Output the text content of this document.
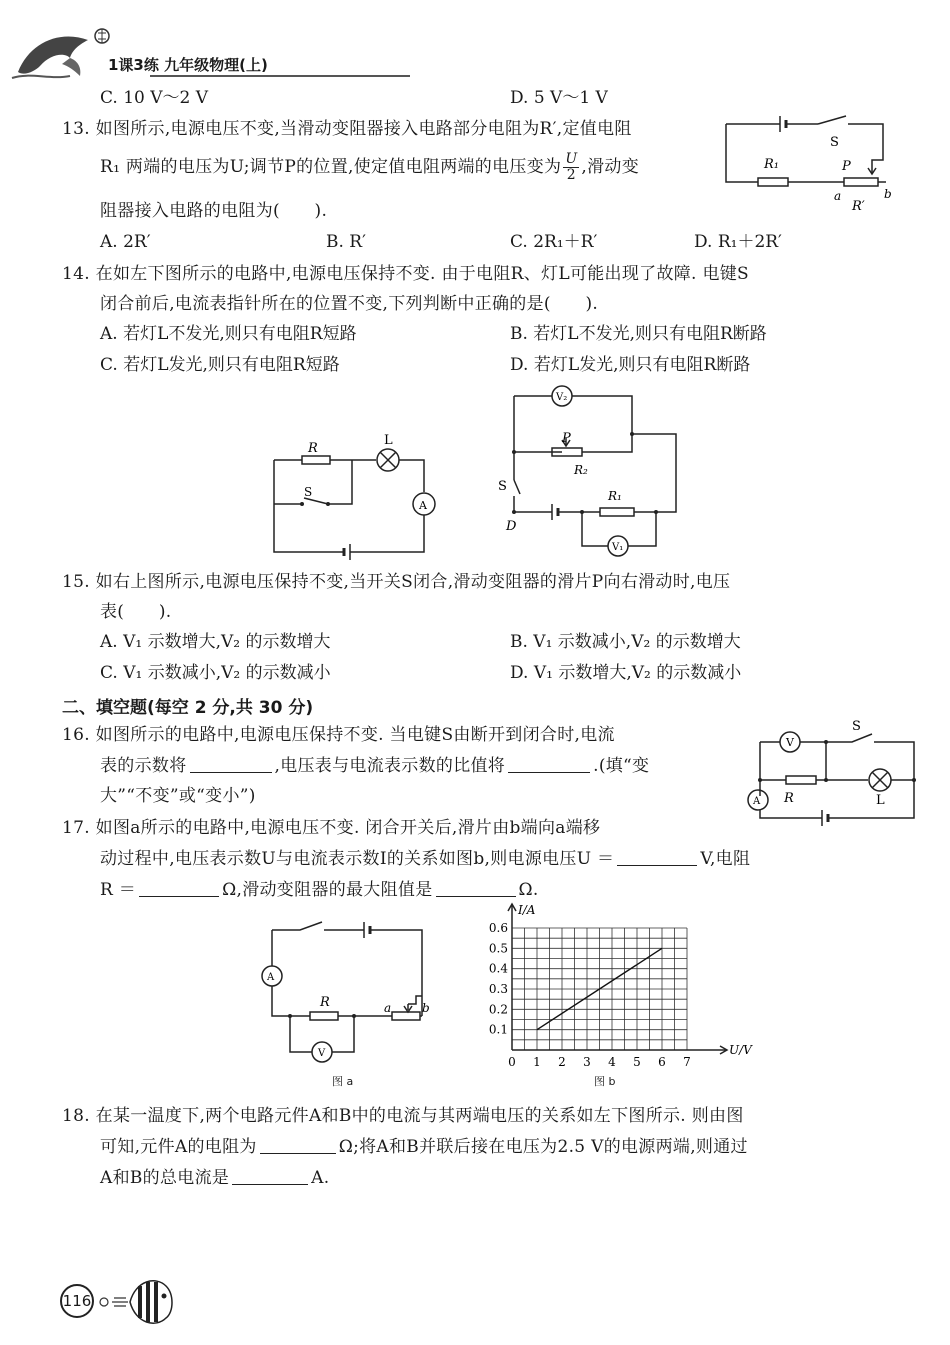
1课3练 九年级物理(上)
C. 10 V～2 V	D. 5 V～1 V
13. 如图所示,电源电压不变,当滑动变阻器接入电路部分电阻为R′,定值电阻
R₁ 两端的电压为U;调节P的位置,使定值电阻两端的电压变为 $\frac{U}{2}$ ,滑动变
阻器接入电路的电阻为(　　).
A. 2R′	B. R′	C. 2R₁＋R′	D. R₁＋2R′
S
R₁	P
a	b
R′
14. 在如左下图所示的电路中,电源电压保持不变. 由于电阻R、灯L可能出现了故障. 电键S
闭合前后,电流表指针所在的位置不变,下列判断中正确的是(　　).
A. 若灯L不发光,则只有电阻R短路	B. 若灯L不发光,则只有电阻R断路
C. 若灯L发光,则只有电阻R短路	D. 若灯L发光,则只有电阻R断路
R
L
S
A
V₂
P
R₂
S
R₁
D
V₁
15. 如右上图所示,电源电压保持不变,当开关S闭合,滑动变阻器的滑片P向右滑动时,电压
表(　　).
A. V₁ 示数增大,V₂ 的示数增大	B. V₁ 示数减小,V₂ 的示数增大
C. V₁ 示数减小,V₂ 的示数减小	D. V₁ 示数增大,V₂ 的示数减小
二、填空题(每空 2 分,共 30 分)
16. 如图所示的电路中,电源电压保持不变. 当电键S由断开到闭合时,电流
表的示数将	,电压表与电流表示数的比值将	.(填“变
大”“不变”或“变小”)
V
S
A R	L
17. 如图a所示的电路中,电源电压不变. 闭合开关后,滑片由b端向a端移
动过程中,电压表示数U与电流表示数I的关系如图b,则电源电压U ＝	V,电阻
R ＝	Ω,滑动变阻器的最大阻值是	Ω.
A
R	a	b
V
图 a
U/V
I/A
0 1 2 3 4 5 6 7
0.1
0.2
0.3
0.4
0.5
0.6
图 b
18. 在某一温度下,两个电路元件A和B中的电流与其两端电压的关系如左下图所示. 则由图
可知,元件A的电阻为	Ω;将A和B并联后接在电压为2.5 V的电源两端,则通过
A和B的总电流是	A.
116
